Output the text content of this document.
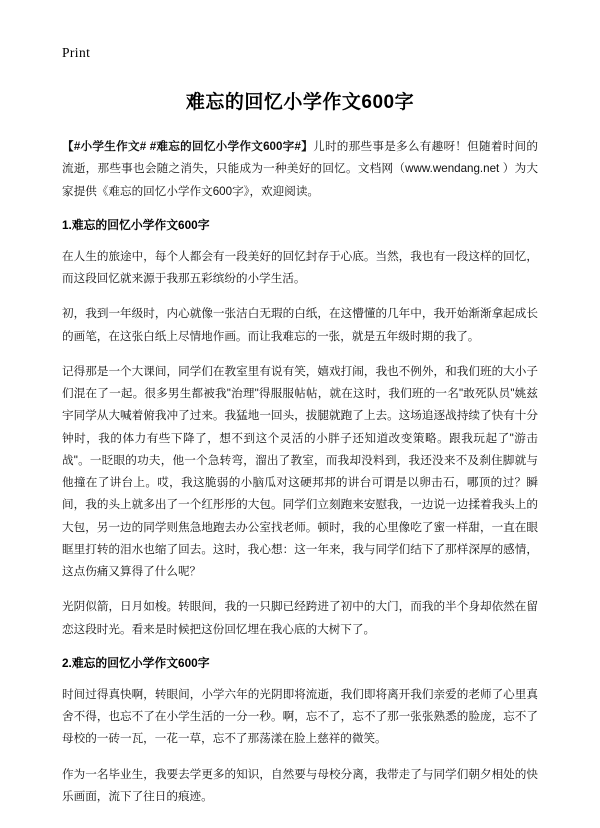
Print
难忘的回忆小学作文600字

【#小学生作文# #难忘的回忆小学作文600字#】儿时的那些事是多么有趣呀！但随着时间的流逝，那些事也会随之消失，只能成为一种美好的回忆。文档网（www.wendang.net ）为大家提供《难忘的回忆小学作文600字》，欢迎阅读。

1.难忘的回忆小学作文600字

在人生的旅途中，每个人都会有一段美好的回忆封存于心底。当然，我也有一段这样的回忆，而这段回忆就来源于我那五彩缤纷的小学生活。

初，我到一年级时，内心就像一张洁白无瑕的白纸，在这懵懂的几年中，我开始渐渐拿起成长的画笔，在这张白纸上尽情地作画。而让我难忘的一张，就是五年级时期的我了。

记得那是一个大课间，同学们在教室里有说有笑，嬉戏打闹，我也不例外，和我们班的大小子们混在了一起。很多男生都被我"治理"得服服帖帖，就在这时，我们班的一名"敢死队员"姚兹宇同学从大喊着俯我冲了过来。我猛地一回头，拔腿就跑了上去。这场追逐战持续了快有十分钟时，我的体力有些下降了，想不到这个灵活的小胖子还知道改变策略。跟我玩起了"游击战"。一眨眼的功夫，他一个急转弯，溜出了教室，而我却没料到，我还没来不及刹住脚就与他撞在了讲台上。哎，我这脆弱的小脑瓜对这硬邦邦的讲台可谓是以卵击石，哪顶的过？瞬间，我的头上就多出了一个红彤彤的大包。同学们立刻跑来安慰我，一边说一边揉着我头上的大包，另一边的同学则焦急地跑去办公室找老师。顿时，我的心里像吃了蜜一样甜，一直在眼眶里打转的泪水也缩了回去。这时，我心想：这一年来，我与同学们结下了那样深厚的感情，这点伤痛又算得了什么呢？

光阴似箭，日月如梭。转眼间，我的一只脚已经跨进了初中的大门，而我的半个身却依然在留恋这段时光。看来是时候把这份回忆埋在我心底的大树下了。

2.难忘的回忆小学作文600字

时间过得真快啊，转眼间，小学六年的光阴即将流逝，我们即将离开我们亲爱的老师了心里真舍不得，也忘不了在小学生活的一分一秒。啊，忘不了，忘不了那一张张熟悉的脸庞，忘不了母校的一砖一瓦，一花一草，忘不了那荡漾在脸上慈祥的微笑。

作为一名毕业生，我要去学更多的知识，自然要与母校分离，我带走了与同学们朝夕相处的快乐画面，流下了往日的痕迹。
